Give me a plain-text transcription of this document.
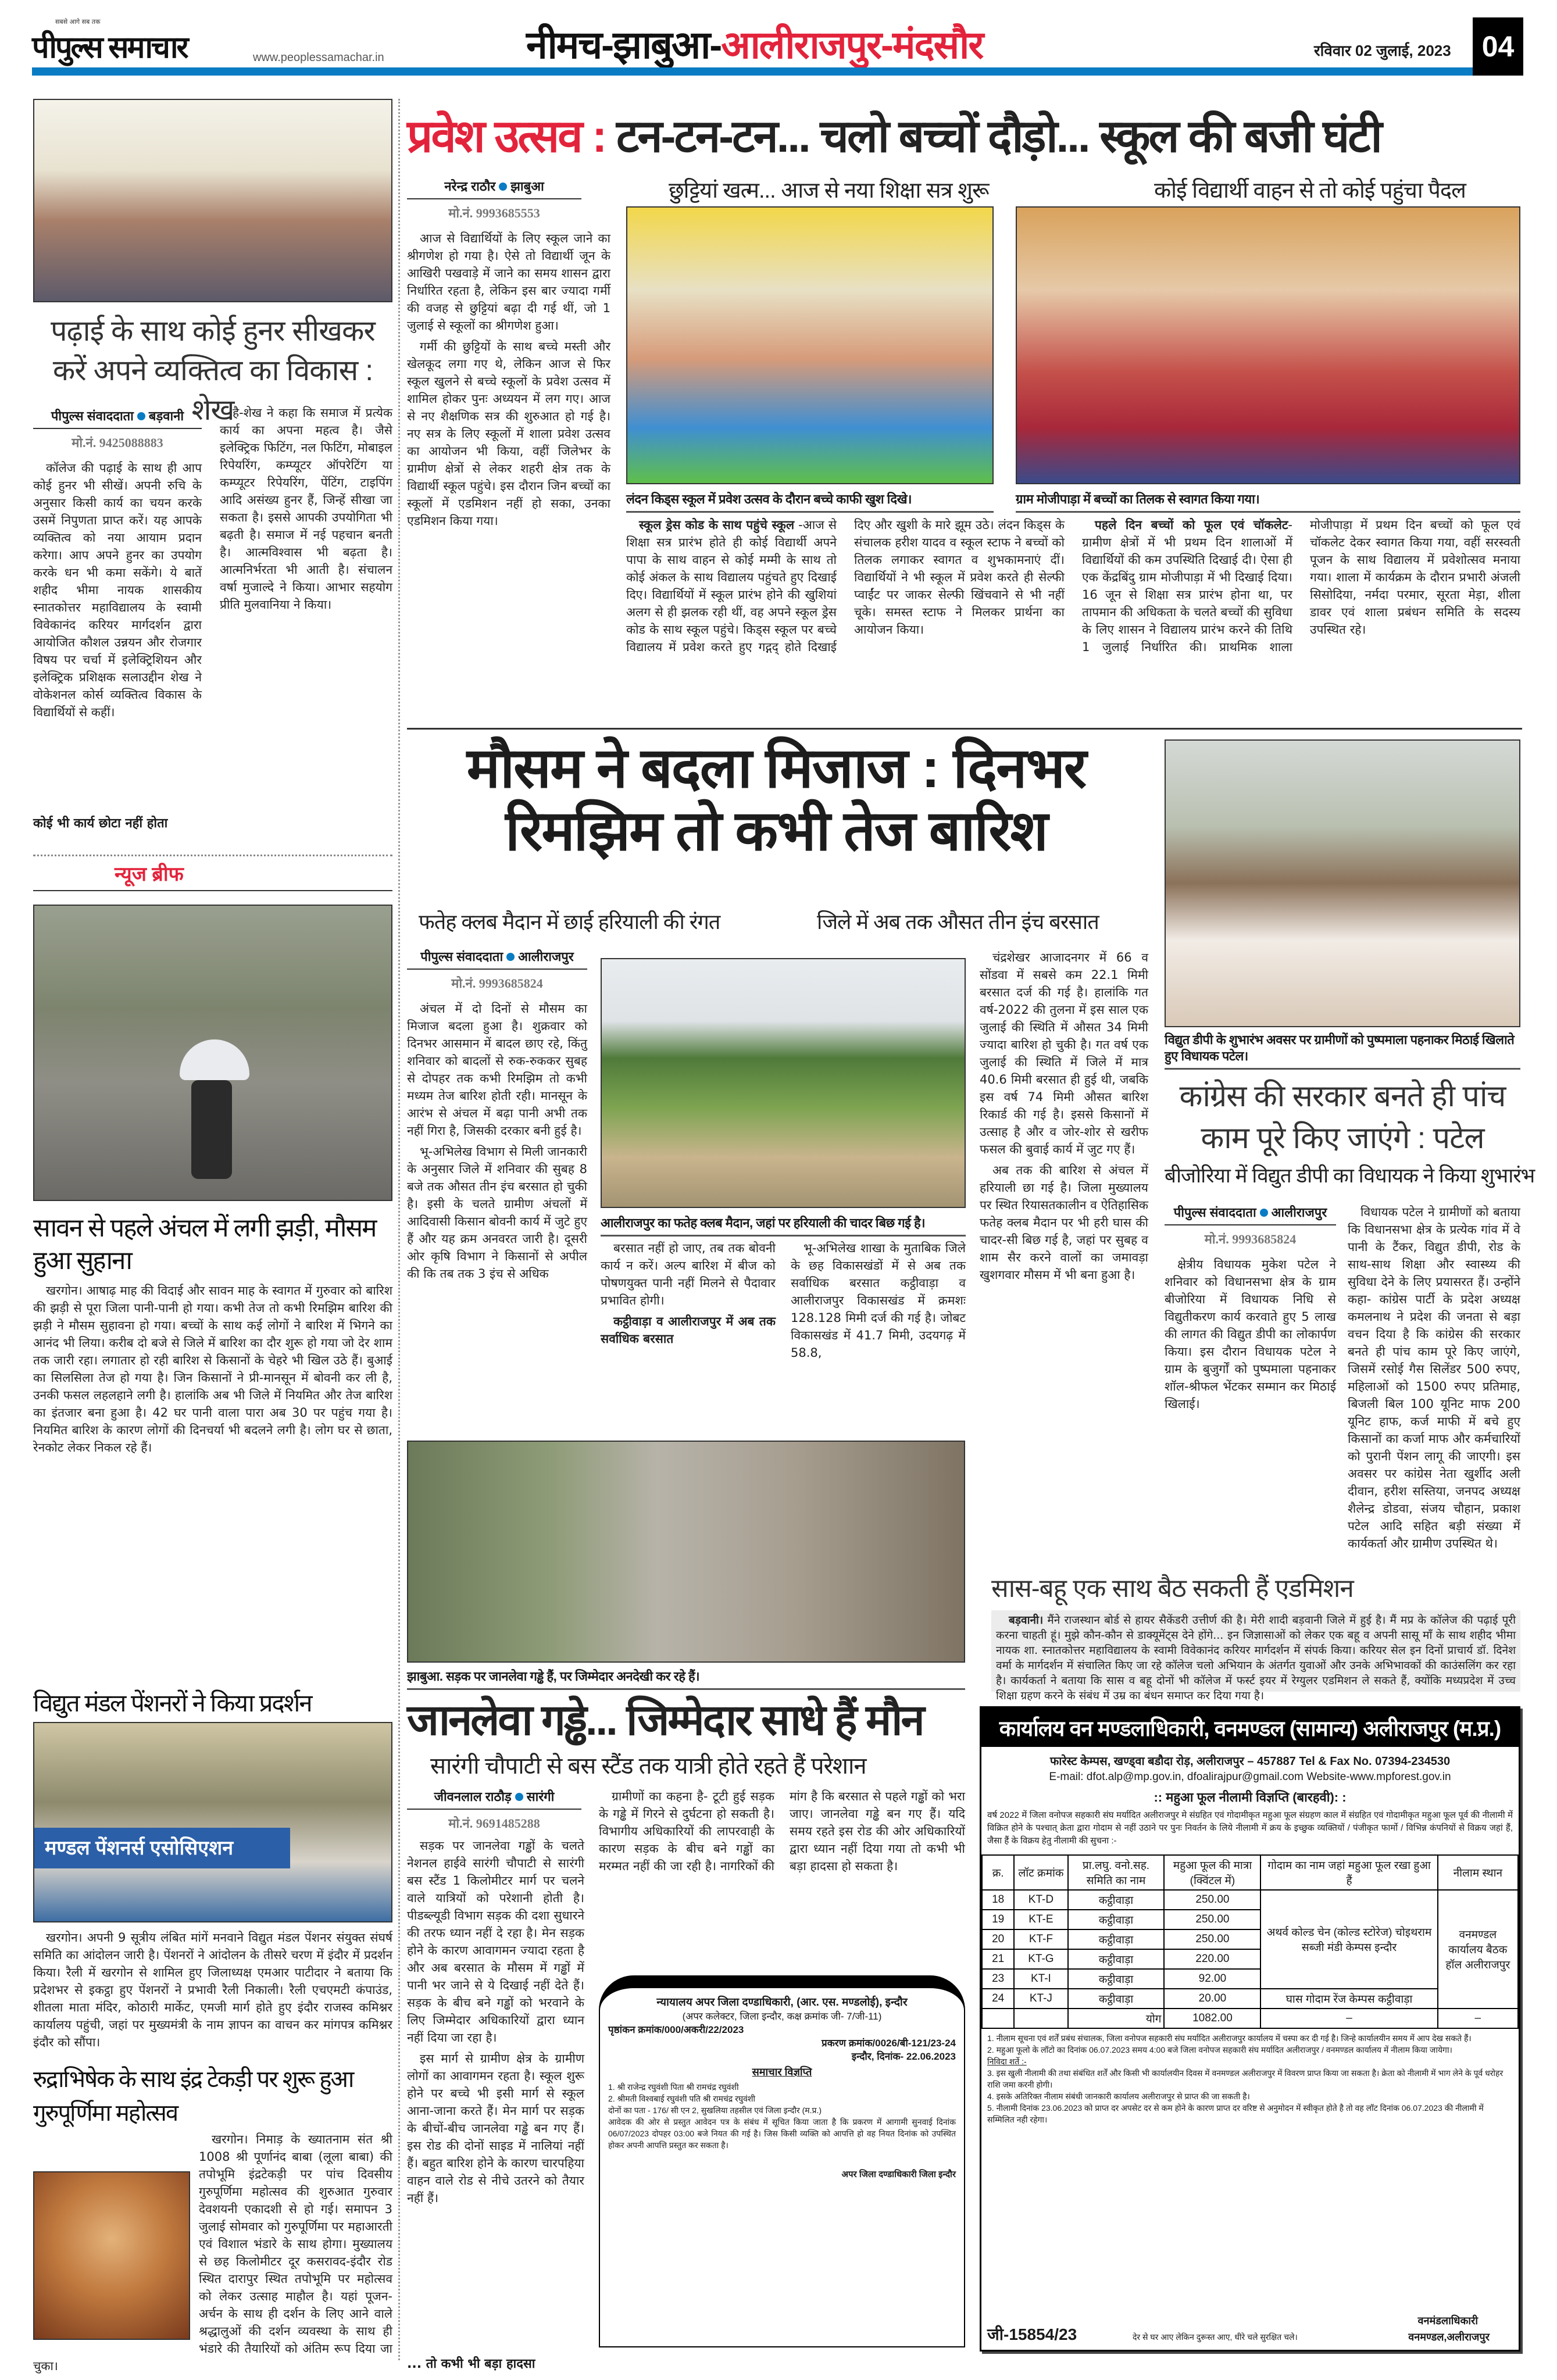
सबसे आगे सब तक
पीपुल्स समाचार	www.peoplessamachar.in	नीमच-झाबुआ-आलीराजपुर-मंदसौर	रविवार 02 जुलाई, 2023	04
पढ़ाई के साथ कोई हुनर सीखकर करें अपने व्यक्तित्व का विकास : शेख
पीपुल्स संवाददाता बड़वानी
मो.नं. 9425088883

कॉलेज की पढ़ाई के साथ ही आप कोई हुनर भी सीखें। अपनी रुचि के अनुसार किसी कार्य का चयन करके उसमें निपुणता प्राप्त करें। यह आपके व्यक्तित्व को नया आयाम प्रदान करेगा। आप अपने हुनर का उपयोग करके धन भी कमा सकेंगे। ये बातें शहीद भीमा नायक शासकीय स्नातकोत्तर महाविद्यालय के स्वामी विवेकानंद करियर मार्गदर्शन द्वारा आयोजित कौशल उन्नयन और रोजगार विषय पर चर्चा में इलेक्ट्रिशियन और इलेक्ट्रिक प्रशिक्षक सलाउद्दीन शेख ने वोकेशनल कोर्स व्यक्तित्व विकास के विद्यार्थियों से कहीं।

है-शेख ने कहा कि समाज में प्रत्येक कार्य का अपना महत्व है। जैसे इलेक्ट्रिक फिटिंग, नल फिटिंग, मोबाइल रिपेयरिंग, कम्प्यूटर ऑपरेटिंग या कम्प्यूटर रिपेयरिंग, पेंटिंग, टाइपिंग आदि असंख्य हुनर हैं, जिन्हें सीखा जा सकता है। इससे आपकी उपयोगिता भी बढ़ती है। समाज में नई पहचान बनती है। आत्मविश्वास भी बढ़ता है। आत्मनिर्भरता भी आती है। संचालन वर्षा मुजाल्दे ने किया। आभार सहयोग प्रीति मुलवानिया ने किया।

कोई भी कार्य छोटा नहीं होता
न्यूज ब्रीफ
सावन से पहले अंचल में लगी झड़ी, मौसम हुआ सुहाना

खरगोन। आषाढ़ माह की विदाई और सावन माह के स्वागत में गुरुवार को बारिश की झड़ी से पूरा जिला पानी-पानी हो गया। कभी तेज तो कभी रिमझिम बारिश की झड़ी ने मौसम सुहावना हो गया। बच्चों के साथ कई लोगों ने बारिश में भिगने का आनंद भी लिया। करीब दो बजे से जिले में बारिश का दौर शुरू हो गया जो देर शाम तक जारी रहा। लगातार हो रही बारिश से किसानों के चेहरे भी खिल उठे हैं। बुआई का सिलसिला तेज हो गया है। जिन किसानों ने प्री-मानसून में बोवनी कर ली है, उनकी फसल लहलहाने लगी है। हालांकि अब भी जिले में नियमित और तेज बारिश का इंतजार बना हुआ है। 42 घर पानी वाला पारा अब 30 पर पहुंच गया है। नियमित बारिश के कारण लोगों की दिनचर्या भी बदलने लगी है। लोग घर से छाता, रेनकोट लेकर निकल रहे हैं।

विद्युत मंडल पेंशनरों ने किया प्रदर्शन
मण्डल पेंशनर्स एसोसिएशन

खरगोन। अपनी 9 सूत्रीय लंबित मांगें मनवाने विद्युत मंडल पेंशनर संयुक्त संघर्ष समिति का आंदोलन जारी है। पेंशनरों ने आंदोलन के तीसरे चरण में इंदौर में प्रदर्शन किया। रैली में खरगोन से शामिल हुए जिलाध्यक्ष एमआर पाटीदार ने बताया कि प्रदेशभर से इकट्ठा हुए पेंशनरों ने प्रभावी रैली निकाली। रैली एचएमटी कंपाउंड, शीतला माता मंदिर, कोठारी मार्केट, एमजी मार्ग होते हुए इंदौर राजस्व कमिश्नर कार्यालय पहुंची, जहां पर मुख्यमंत्री के नाम ज्ञापन का वाचन कर मांगपत्र कमिश्नर इंदौर को सौंपा।

रुद्राभिषेक के साथ इंद्र टेकड़ी पर शुरू हुआ गुरुपूर्णिमा महोत्सव

खरगोन। निमाड़ के ख्यातनाम संत श्री 1008 श्री पूर्णानंद बाबा (लूला बाबा) की तपोभूमि इंद्रटेकड़ी पर पांच दिवसीय गुरुपूर्णिमा महोत्सव की शुरुआत गुरुवार देवशयनी एकादशी से हो गई। समापन 3 जुलाई सोमवार को गुरुपूर्णिमा पर महाआरती एवं विशाल भंडारे के साथ होगा। मुख्यालय से छह किलोमीटर दूर कसरावद-इंदौर रोड स्थित दारापुर स्थित तपोभूमि पर महोत्सव को लेकर उत्साह माहौल है। यहां पूजन-अर्चन के साथ ही दर्शन के लिए आने वाले श्रद्धालुओं की दर्शन व्यवस्था के साथ ही भंडारे की तैयारियों को अंतिम रूप दिया जा चुका।

प्रवेश उत्सव : टन-टन-टन... चलो बच्चों दौड़ो... स्कूल की बजी घंटी
नरेन्द्र राठौर झाबुआ
मो.नं. 9993685553

आज से विद्यार्थियों के लिए स्कूल जाने का श्रीगणेश हो गया है। ऐसे तो विद्यार्थी जून के आखिरी पखवाड़े में जाने का समय शासन द्वारा निर्धारित रहता है, लेकिन इस बार ज्यादा गर्मी की वजह से छुट्टियां बढ़ा दी गई थीं, जो 1 जुलाई से स्कूलों का श्रीगणेश हुआ।

गर्मी की छुट्टियों के साथ बच्चे मस्ती और खेलकूद लगा गए थे, लेकिन आज से फिर स्कूल खुलने से बच्चे स्कूलों के प्रवेश उत्सव में शामिल होकर पुनः अध्ययन में लग गए। आज से नए शैक्षणिक सत्र की शुरुआत हो गई है। नए सत्र के लिए स्कूलों में शाला प्रवेश उत्सव का आयोजन भी किया, वहीं जिलेभर के ग्रामीण क्षेत्रों से लेकर शहरी क्षेत्र तक के विद्यार्थी स्कूल पहुंचे। इस दौरान जिन बच्चों का स्कूलों में एडमिशन नहीं हो सका, उनका एडमिशन किया गया।

छुट्टियां खत्म... आज से नया शिक्षा सत्र शुरू	कोई विद्यार्थी वाहन से तो कोई पहुंचा पैदल
लंदन किड्स स्कूल में प्रवेश उत्सव के दौरान बच्चे काफी खुश दिखे।	ग्राम मोजीपाड़ा में बच्चों का तिलक से स्वागत किया गया।

स्कूल ड्रेस कोड के साथ पहुंचे स्कूल -आज से शिक्षा सत्र प्रारंभ होते ही कोई विद्यार्थी अपने पापा के साथ वाहन से कोई मम्मी के साथ तो कोई अंकल के साथ विद्यालय पहुंचते हुए दिखाई दिए। विद्यार्थियों में स्कूल प्रारंभ होने की खुशियां अलग से ही झलक रही थीं, वह अपने स्कूल ड्रेस कोड के साथ स्कूल पहुंचे। किड्स स्कूल पर बच्चे विद्यालय में प्रवेश करते हुए गद्गद् होते दिखाई दिए और खुशी के मारे झूम उठे। लंदन किड्स के संचालक हरीश यादव व स्कूल स्टाफ ने बच्चों को तिलक लगाकर स्वागत व शुभकामनाएं दीं। विद्यार्थियों ने भी स्कूल में प्रवेश करते ही सेल्फी प्वाईंट पर जाकर सेल्फी खिंचवाने से भी नहीं चूके। समस्त स्टाफ ने मिलकर प्रार्थना का आयोजन किया।

पहले दिन बच्चों को फूल एवं चॉकलेट-ग्रामीण क्षेत्रों में भी प्रथम दिन शालाओं में विद्यार्थियों की कम उपस्थिति दिखाई दी। ऐसा ही एक केंद्रबिंदु ग्राम मोजीपाड़ा में भी दिखाई दिया। 16 जून से शिक्षा सत्र प्रारंभ होना था, पर तापमान की अधिकता के चलते बच्चों की सुविधा के लिए शासन ने विद्यालय प्रारंभ करने की तिथि 1 जुलाई निर्धारित की। प्राथमिक शाला मोजीपाड़ा में प्रथम दिन बच्चों को फूल एवं चॉकलेट देकर स्वागत किया गया, वहीं सरस्वती पूजन के साथ विद्यालय में प्रवेशोत्सव मनाया गया। शाला में कार्यक्रम के दौरान प्रभारी अंजली सिसोदिया, नर्मदा परमार, सूरता मेड़ा, शीला डावर एवं शाला प्रबंधन समिति के सदस्य उपस्थित रहे।

मौसम ने बदला मिजाज : दिनभर रिमझिम तो कभी तेज बारिश
फतेह क्लब मैदान में छाई हरियाली की रंगत	जिले में अब तक औसत तीन इंच बरसात
पीपुल्स संवाददाता आलीराजपुर
मो.नं. 9993685824

अंचल में दो दिनों से मौसम का मिजाज बदला हुआ है। शुक्रवार को दिनभर आसमान में बादल छाए रहे, किंतु शनिवार को बादलों से रुक-रुककर सुबह से दोपहर तक कभी रिमझिम तो कभी मध्यम तेज बारिश होती रही। मानसून के आरंभ से अंचल में बढ़ा पानी अभी तक नहीं गिरा है, जिसकी दरकार बनी हुई है।

भू-अभिलेख विभाग से मिली जानकारी के अनुसार जिले में शनिवार की सुबह 8 बजे तक औसत तीन इंच बरसात हो चुकी है। इसी के चलते ग्रामीण अंचलों में आदिवासी किसान बोवनी कार्य में जुटे हुए हैं और यह क्रम अनवरत जारी है। दूसरी ओर कृषि विभाग ने किसानों से अपील की कि तब तक 3 इंच से अधिक

आलीराजपुर का फतेह क्लब मैदान, जहां पर हरियाली की चादर बिछ गई है।

बरसात नहीं हो जाए, तब तक बोवनी कार्य न करें। अल्प बारिश में बीज को पोषणयुक्त पानी नहीं मिलने से पैदावार प्रभावित होगी।

कट्ठीवाड़ा व आलीराजपुर में अब तक सर्वाधिक बरसात

भू-अभिलेख शाखा के मुताबिक जिले के छह विकासखंडों में से अब तक सर्वाधिक बरसात कट्ठीवाड़ा व आलीराजपुर विकासखंड में क्रमशः 128.128 मिमी दर्ज की गई है। जोबट विकासखंड में 41.7 मिमी, उदयगढ़ में 58.8,

चंद्रशेखर आजादनगर में 66 व सोंडवा में सबसे कम 22.1 मिमी बरसात दर्ज की गई है। हालांकि गत वर्ष-2022 की तुलना में इस साल एक जुलाई की स्थिति में औसत 34 मिमी ज्यादा बारिश हो चुकी है। गत वर्ष एक जुलाई की स्थिति में जिले में मात्र 40.6 मिमी बरसात ही हुई थी, जबकि इस वर्ष 74 मिमी औसत बारिश रिकार्ड की गई है। इससे किसानों में उत्साह है और व जोर-शोर से खरीफ फसल की बुवाई कार्य में जुट गए हैं।

अब तक की बारिश से अंचल में हरियाली छा गई है। जिला मुख्यालय पर स्थित रियासतकालीन व ऐतिहासिक फतेह क्लब मैदान पर भी हरी घास की चादर-सी बिछ गई है, जहां पर सुबह व शाम सैर करने वालों का जमावड़ा खुशगवार मौसम में भी बना हुआ है।

विद्युत डीपी के शुभारंभ अवसर पर ग्रामीणों को पुष्पमाला पहनाकर मिठाई खिलाते हुए विधायक पटेल।
कांग्रेस की सरकार बनते ही पांच काम पूरे किए जाएंगे : पटेल
बीजोरिया में विद्युत डीपी का विधायक ने किया शुभारंभ
पीपुल्स संवाददाता आलीराजपुर
मो.नं. 9993685824

क्षेत्रीय विधायक मुकेश पटेल ने शनिवार को विधानसभा क्षेत्र के ग्राम बीजोरिया में विधायक निधि से विद्युतीकरण कार्य करवाते हुए 5 लाख की लागत की विद्युत डीपी का लोकार्पण किया। इस दौरान विधायक पटेल ने ग्राम के बुजुर्गों को पुष्पमाला पहनाकर शॉल-श्रीफल भेंटकर सम्मान कर मिठाई खिलाई।

विधायक पटेल ने ग्रामीणों को बताया कि विधानसभा क्षेत्र के प्रत्येक गांव में वे पानी के टैंकर, विद्युत डीपी, रोड के साथ-साथ शिक्षा और स्वास्थ्य की सुविधा देने के लिए प्रयासरत हैं। उन्होंने कहा- कांग्रेस पार्टी के प्रदेश अध्यक्ष कमलनाथ ने प्रदेश की जनता से बड़ा वचन दिया है कि कांग्रेस की सरकार बनते ही पांच काम पूरे किए जाएंगे, जिसमें रसोई गैस सिलेंडर 500 रुपए, महिलाओं को 1500 रुपए प्रतिमाह, बिजली बिल 100 यूनिट माफ 200 यूनिट हाफ, कर्ज माफी में बचे हुए किसानों का कर्जा माफ और कर्मचारियों को पुरानी पेंशन लागू की जाएगी। इस अवसर पर कांग्रेस नेता खुर्शीद अली दीवान, हरीश सस्तिया, जनपद अध्यक्ष शैलेन्द्र डोडवा, संजय चौहान, प्रकाश पटेल आदि सहित बड़ी संख्या में कार्यकर्ता और ग्रामीण उपस्थित थे।

झाबुआ. सड़क पर जानलेवा गड्ढे हैं, पर जिम्मेदार अनदेखी कर रहे हैं।
सास-बहू एक साथ बैठ सकती हैं एडमिशन

बड़वानी। मैंने राजस्थान बोर्ड से हायर सैकेंडरी उत्तीर्ण की है। मेरी शादी बड़वानी जिले में हुई है। मैं मप्र के कॉलेज की पढ़ाई पूरी करना चाहती हूं। मुझे कौन-कौन से डाक्यूमेंट्स देने होंगे... इन जिज्ञासाओं को लेकर एक बहू व अपनी सासू माँ के साथ शहीद भीमा नायक शा. स्नातकोत्तर महाविद्यालय के स्वामी विवेकानंद करियर मार्गदर्शन में संपर्क किया। करियर सेल इन दिनों प्राचार्य डॉ. दिनेश वर्मा के मार्गदर्शन में संचालित किए जा रहे कॉलेज चलो अभियान के अंतर्गत युवाओं और उनके अभिभावकों की काउंसलिंग कर रहा है। कार्यकर्ता ने बताया कि सास व बहू दोनों भी कॉलेज में फर्स्ट इयर में रेग्युलर एडमिशन ले सकते हैं, क्योंकि मध्यप्रदेश में उच्च शिक्षा ग्रहण करने के संबंध में उम्र का बंधन समाप्त कर दिया गया है।

जानलेवा गड्ढे... जिम्मेदार साधे हैं मौन
सारंगी चौपाटी से बस स्टैंड तक यात्री होते रहते हैं परेशान
जीवनलाल राठौड़ सारंगी
मो.नं. 9691485288

सड़क पर जानलेवा गड्ढों के चलते नेशनल हाईवे सारंगी चौपाटी से सारंगी बस स्टैंड 1 किलोमीटर मार्ग पर चलने वाले यात्रियों को परेशानी होती है। पीडब्ल्यूडी विभाग सड़क की दशा सुधारने की तरफ ध्यान नहीं दे रहा है। मेन सड़क होने के कारण आवागमन ज्यादा रहता है और अब बरसात के मौसम में गड्ढों में पानी भर जाने से ये दिखाई नहीं देते हैं। सड़क के बीच बने गड्ढों को भरवाने के लिए जिम्मेदार अधिकारियों द्वारा ध्यान नहीं दिया जा रहा है।

इस मार्ग से ग्रामीण क्षेत्र के ग्रामीण लोगों का आवागमन रहता है। स्कूल शुरू होने पर बच्चे भी इसी मार्ग से स्कूल आना-जाना करते हैं। मेन मार्ग पर सड़क के बीचों-बीच जानलेवा गड्ढे बन गए हैं। इस रोड की दोनों साइड में नालियां नहीं हैं। बहुत बारिश होने के कारण चारपहिया वाहन वाले रोड से नीचे उतरने को तैयार नहीं हैं।

ग्रामीणों का कहना है- टूटी हुई सड़क के गड्ढे में गिरने से दुर्घटना हो सकती है। विभागीय अधिकारियों की लापरवाही के कारण सड़क के बीच बने गड्ढों का मरम्मत नहीं की जा रही है। नागरिकों की मांग है कि बरसात से पहले गड्ढों को भरा जाए। जानलेवा गड्ढे बन गए हैं। यदि समय रहते इस रोड की ओर अधिकारियों द्वारा ध्यान नहीं दिया गया तो कभी भी बड़ा हादसा हो सकता है।

... तो कभी भी बड़ा हादसा
न्यायालय अपर जिला दण्डाधिकारी, (आर. एस. मण्डलोई), इन्दौर
(अपर कलेक्टर, जिला इन्दौर, कक्ष क्रमांक जी- 7/जी-11)
पृष्ठांकन क्रमांक/000/अकरी/22/2023
प्रकरण क्रमांक/0026/बी-121/23-24
इन्दौर, दिनांक- 22.06.2023
समाचार विज्ञप्ति
1. श्री राजेन्द्र रघुवंशी पिता श्री रामचंद्र रघुवंशी
2. श्रीमती विश्वबाई रघुवंशी पति श्री रामचंद्र रघुवंशी
दोनों का पता - 176/ सी एन 2, सुखलिया तहसील एवं जिला इन्दौर (म.प्र.)
आवेदक की ओर से प्रस्तुत आवेदन पत्र के संबंध में सूचित किया जाता है कि प्रकरण में आगामी सुनवाई दिनांक 06/07/2023 दोपहर 03:00 बजे नियत की गई है। जिस किसी व्यक्ति को आपत्ति हो वह नियत दिनांक को उपस्थित होकर अपनी आपत्ति प्रस्तुत कर सकता है।
अपर जिला दण्डाधिकारी जिला इन्दौर
कार्यालय वन मण्डलाधिकारी, वनमण्डल (सामान्य) अलीराजपुर (म.प्र.)
फारेस्ट केम्पस, खण्ड्वा बडौदा रोड़, अलीराजपुर – 457887 Tel & Fax No. 07394-234530
E-mail: dfot.alp@mp.gov.in, dfoalirajpur@gmail.com Website-www.mpforest.gov.in
:: महुआ फूल नीलामी विज्ञप्ति (बारहवी): :
वर्ष 2022 में जिला वनोपज सहकारी संघ मर्यादित अलीराजपुर मे संग्रहित एवं गोदामीकृत महुआ फूल संग्रहण काल में संग्रहित एवं गोदामीकृत महुआ फूल पूर्व की नीलामी में विक्रित होने के पश्चात् क्रेता द्वारा गोदाम से नहीं उठाने पर पुनः निवर्तन के लिये नीलामी में क्रय के इच्छुक व्यक्तियों / पंजीकृत फार्मो / विभिन्न कंपनियों से विक्रय जहां हैं, जैसा हैं के विक्रय हेतु नीलामी की सुचना :-
क्र.	लॉट क्रमांक	प्रा.लघु. वनो.सह. समिति का नाम	महुआ फूल की मात्रा (क्विंटल में)	गोदाम का नाम जहां महुआ फूल रखा हुआ हैं	नीलाम स्थान
18	KT-D	कट्ठीवाड़ा	250.00	अथर्व कोल्ड चेन (कोल्ड स्टोरेज) चोइथराम सब्जी मंडी केम्पस इन्दौर	वनमण्डल कार्यालय बैठक हॉल अलीराजपुर
19	KT-E	कट्ठीवाड़ा	250.00		
20	KT-F	कट्ठीवाड़ा	250.00		
21	KT-G	कट्ठीवाड़ा	220.00		
23	KT-I	कट्ठीवाड़ा	92.00		
24	KT-J	कट्ठीवाड़ा	20.00	घास गोदाम रेंज केम्पस कट्ठीवाड़ा	
		योग	1082.00	–	–
1. नीलाम सूचना एवं शर्तें प्रबंध संचालक, जिला वनोपज सहकारी संघ मर्यादित अलीराजपुर कार्यालय में चस्पा कर दी गई है। जिन्हे कार्यालयीन समय में आप देख सकते हैं।
2. महुआ फूलो के लॉटो का दिनांक 06.07.2023 समय 4:00 बजे जिला वनोपज सहकारी संघ मर्यादित अलीराजपुर / वनमण्डल कार्यालय में नीलाम किया जायेगा।
निविदा शर्ते :-
3. इस खुली नीलामी की तथा संबंधित शर्तें और किसी भी कार्यालयीन दिवस में वनमण्डल अलीराजपुर में विवरण प्राप्त किया जा सकता है। क्रेता को नीलामी में भाग लेने के पूर्व धरोहर राशि जमा करनी होगी।
4. इसके अतिरिक्त नीलाम संबंधी जानकारी कार्यालय अलीराजपुर से प्राप्त की जा सकती है।
5. नीलामी दिनांक 23.06.2023 को प्राप्त दर अपसेट दर से कम होने के कारण प्राप्त दर वरिष्ट से अनुमोदन में स्वीकृत होते है तो वह लॉट दिनांक 06.07.2023 की नीलामी में सम्मिलित नही रहेगा।
जी-15854/23	देर से घर आए लेकिन दुरूस्त आए, धीरे चले सुरक्षित चले।
वनमंडलाधिकारी
वनमण्डल,अलीराजपुर
